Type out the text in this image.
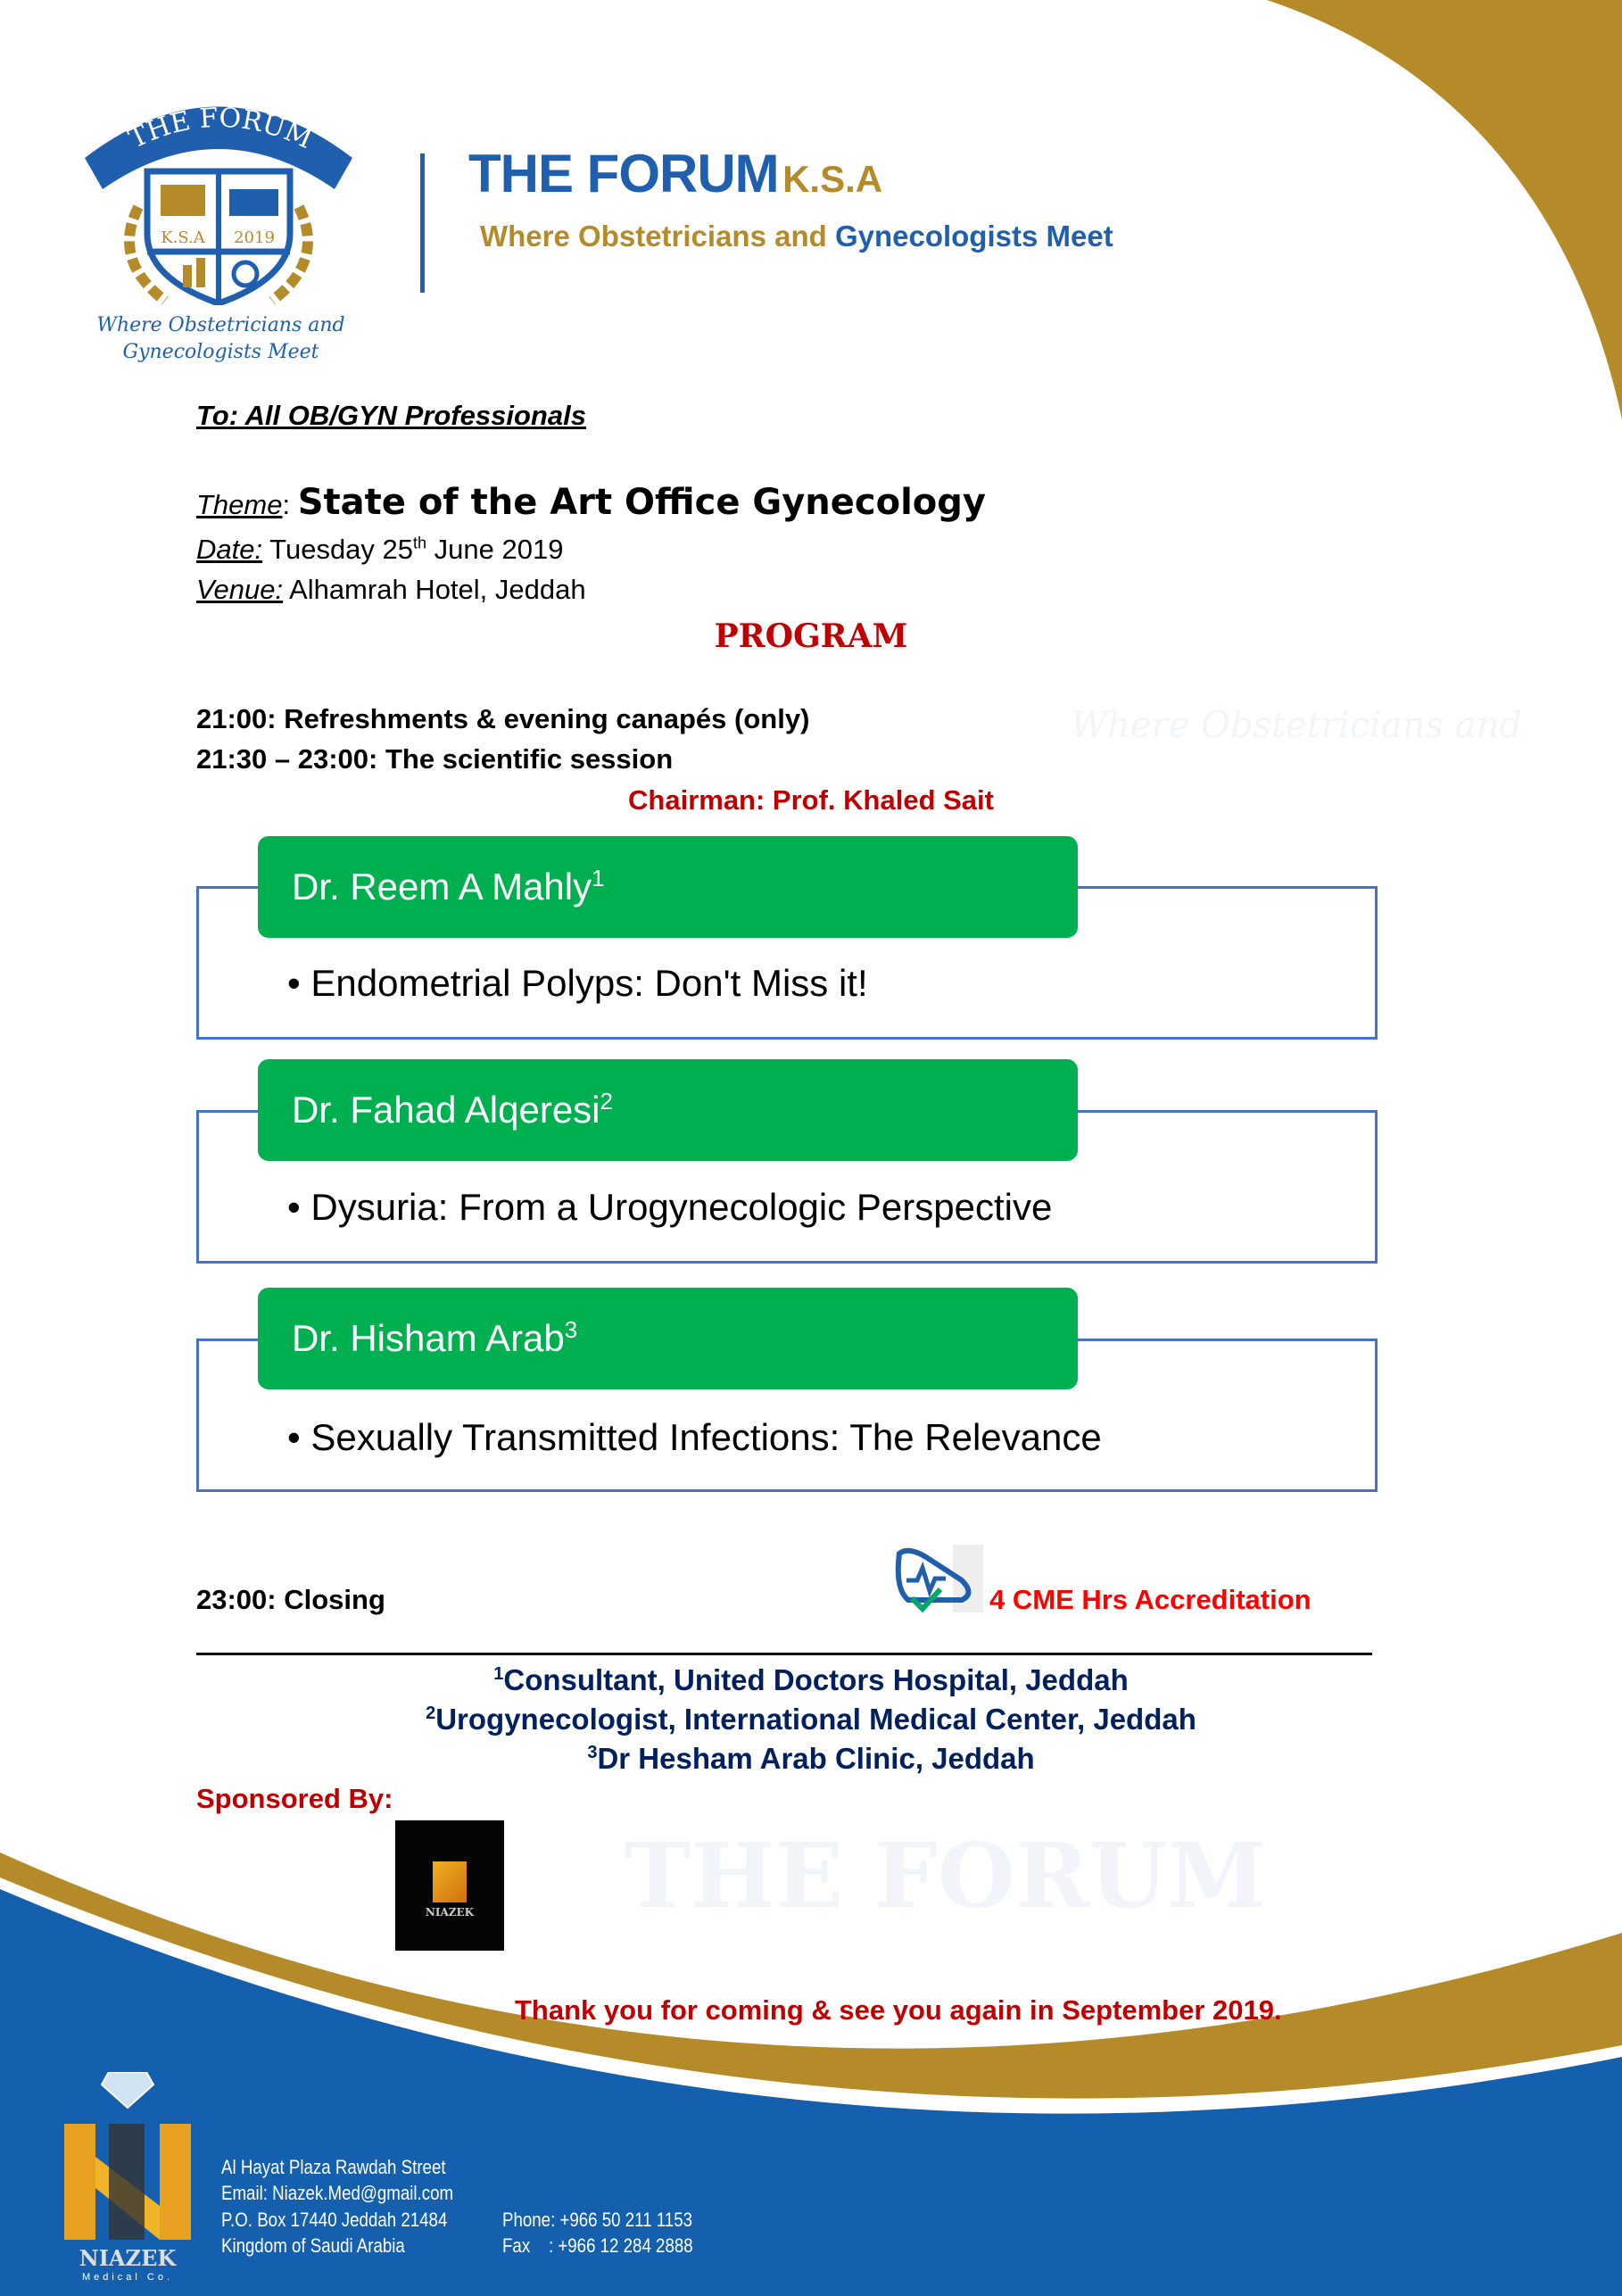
THE FORUM
Where Obstetricians and
THE FORUM
K.S.A 2019
Where Obstetricians and
Gynecologists Meet
THE FORUM K.S.A
Where Obstetricians and Gynecologists Meet
To: All OB/GYN Professionals
Theme: State of the Art Office Gynecology
Date: Tuesday 25th June 2019
Venue: Alhamrah Hotel, Jeddah
PROGRAM
21:00: Refreshments & evening canapés (only)
21:30 – 23:00: The scientific session
Chairman: Prof. Khaled Sait
Dr. Reem A Mahly$^1$
• Endometrial Polyps: Don't Miss it!
Dr. Fahad Alqeresi$^2$
• Dysuria: From a Urogynecologic Perspective
Dr. Hisham Arab$^3$
• Sexually Transmitted Infections: The Relevance
23:00: Closing	4 CME Hrs Accreditation
$^1$Consultant, United Doctors Hospital, Jeddah
$^2$Urogynecologist, International Medical Center, Jeddah
$^3$Dr Hesham Arab Clinic, Jeddah
Sponsored By:
NIAZEK
Thank you for coming & see you again in September 2019.
NIAZEK
Medical Co.
Al Hayat Plaza Rawdah Street
Email: Niazek.Med@gmail.com
P.O. Box 17440 Jeddah 21484
Kingdom of Saudi Arabia
Phone: +966 50 211 1153
Fax    : +966 12 284 2888
